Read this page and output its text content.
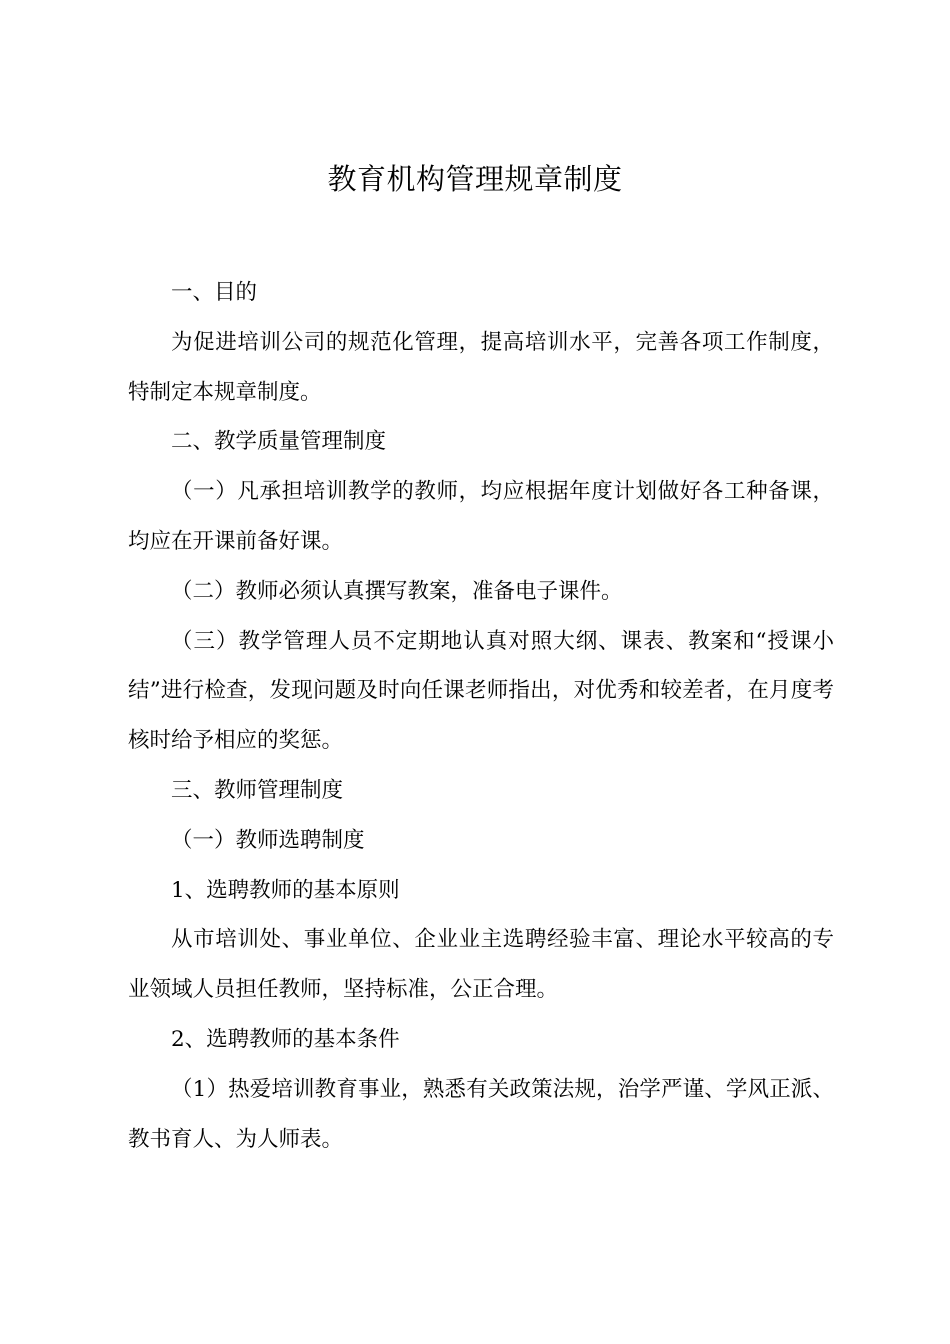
教育机构管理规章制度

一、目的

为促进培训公司的规范化管理，提高培训水平，完善各项工作制度，特制定本规章制度。

二、教学质量管理制度

（一）凡承担培训教学的教师，均应根据年度计划做好各工种备课，均应在开课前备好课。

（二）教师必须认真撰写教案，准备电子课件。

（三）教学管理人员不定期地认真对照大纲、课表、教案和“授课小结”进行检查，发现问题及时向任课老师指出，对优秀和较差者，在月度考核时给予相应的奖惩。

三、教师管理制度

（一）教师选聘制度

1、选聘教师的基本原则

从市培训处、事业单位、企业业主选聘经验丰富、理论水平较高的专业领域人员担任教师，坚持标准，公正合理。

2、选聘教师的基本条件

（1）热爱培训教育事业，熟悉有关政策法规，治学严谨、学风正派、教书育人、为人师表。
